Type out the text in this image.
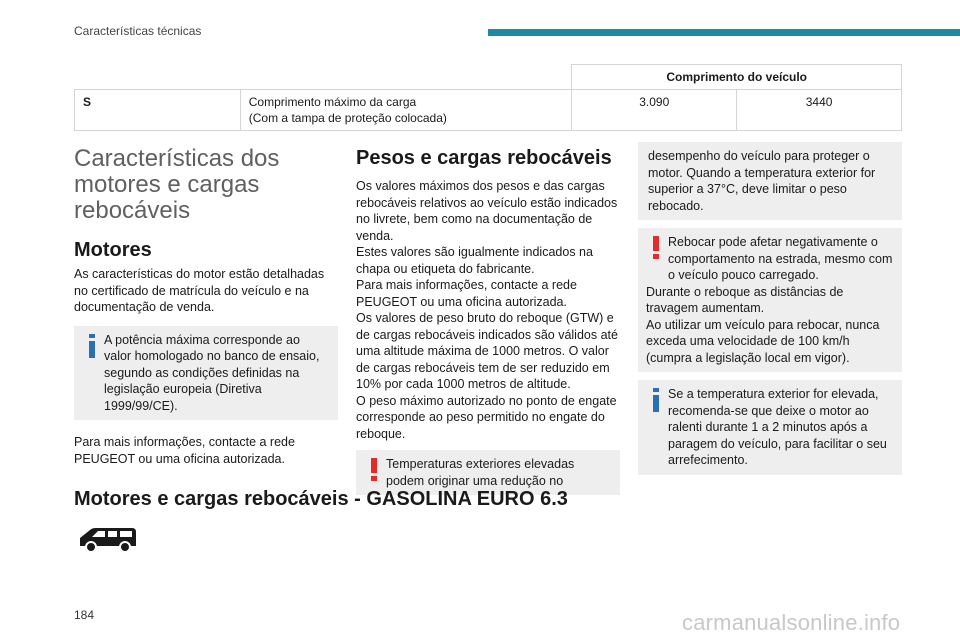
Características técnicas
		Comprimento do veículo	
S	Comprimento máximo da carga
(Com a tampa de proteção colocada)	3.090	3440
Características dos motores e cargas rebocáveis
Motores

As características do motor estão detalhadas no certificado de matrícula do veículo e na documentação de venda.

A potência máxima corresponde ao valor homologado no banco de ensaio, segundo as condições definidas na legislação europeia (Diretiva 1999/99/CE).

Para mais informações, contacte a rede PEUGEOT ou uma oficina autorizada.

Pesos e cargas rebocáveis

Os valores máximos dos pesos e das cargas rebocáveis relativos ao veículo estão indicados no livrete, bem como na documentação de venda.

Estes valores são igualmente indicados na chapa ou etiqueta do fabricante.

Para mais informações, contacte a rede PEUGEOT ou uma oficina autorizada.

Os valores de peso bruto do reboque (GTW) e de cargas rebocáveis indicados são válidos até uma altitude máxima de 1000 metros. O valor de cargas rebocáveis tem de ser reduzido em 10% por cada 1000 metros de altitude.

O peso máximo autorizado no ponto de engate corresponde ao peso permitido no engate do reboque.

Temperaturas exteriores elevadas podem originar uma redução no

desempenho do veículo para proteger o motor. Quando a temperatura exterior for superior a 37°C, deve limitar o peso rebocado.

Rebocar pode afetar negativamente o comportamento na estrada, mesmo com o veículo pouco carregado.

Durante o reboque as distâncias de travagem aumentam.

Ao utilizar um veículo para rebocar, nunca exceda uma velocidade de 100 km/h (cumpra a legislação local em vigor).

Se a temperatura exterior for elevada, recomenda-se que deixe o motor ao ralenti durante 1 a 2 minutos após a paragem do veículo, para facilitar o seu arrefecimento.

Motores e cargas rebocáveis - GASOLINA EURO 6.3
184	carmanualsonline.info
